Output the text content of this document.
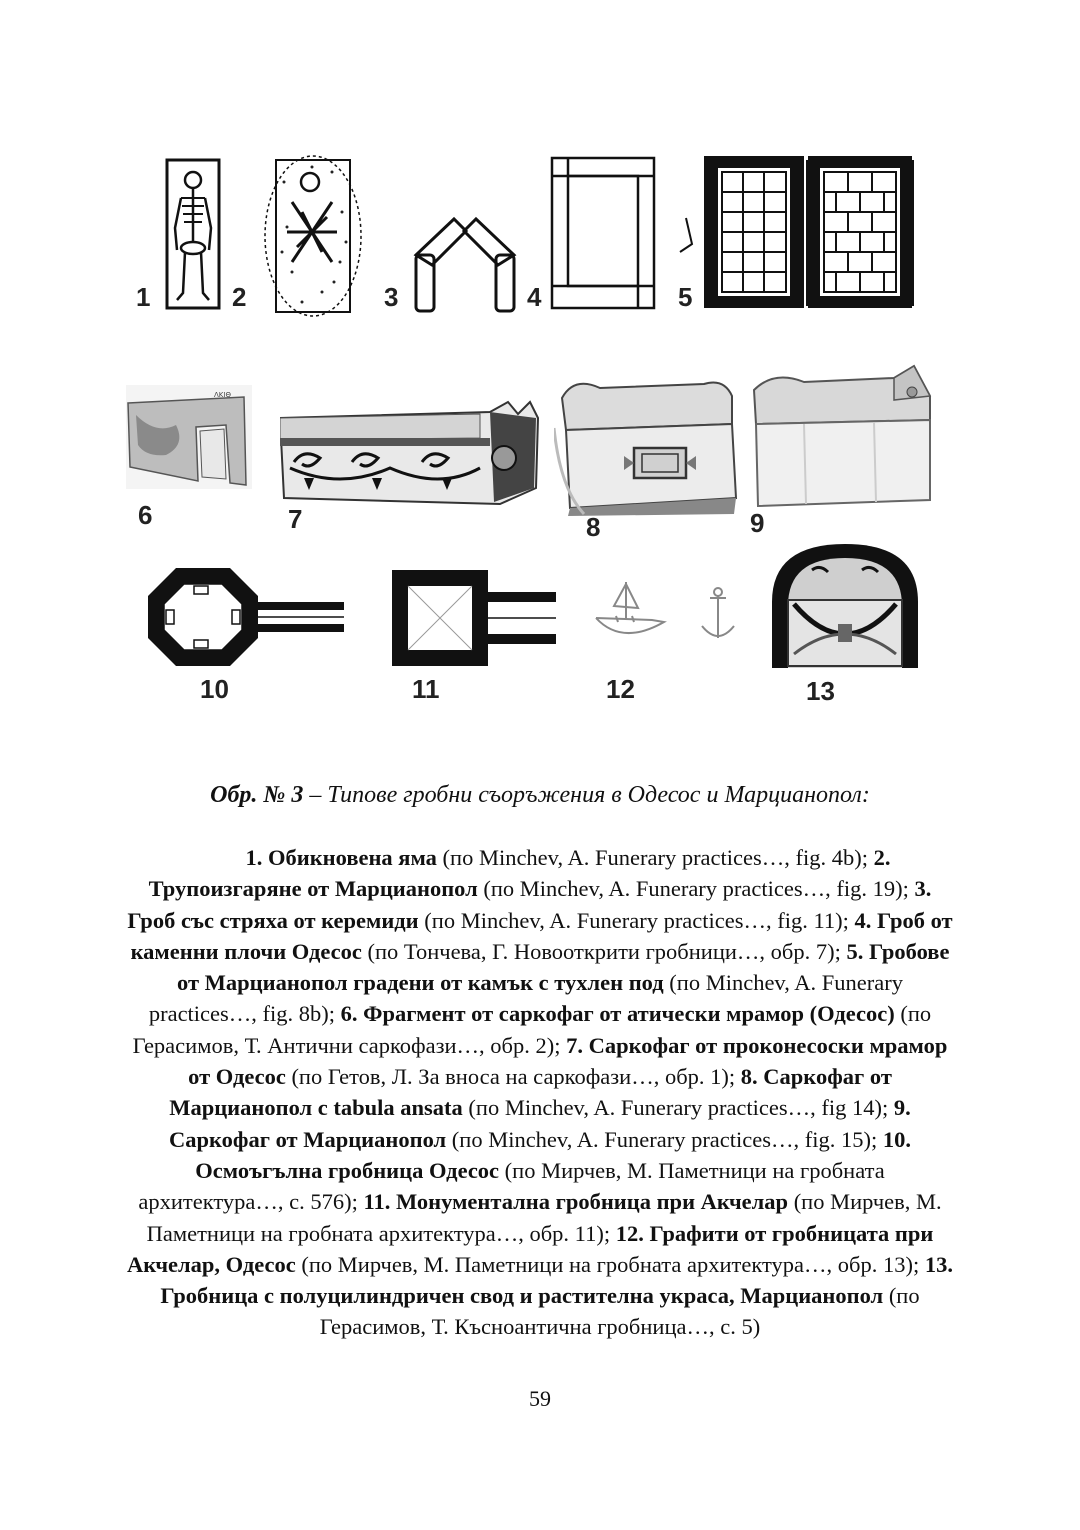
1	2	3	4	5
ΛΚΙΘ
6	7	8	9
10	11	12	13
Обр. № 3 – Типове гробни съоръжения в Одесос и Марцианопол:
1. Обикновена яма (по Minchev, A. Funerary practices…, fig. 4b); 2. Трупоизгаряне от Марцианопол (по Minchev, A. Funerary practices…, fig. 19); 3. Гроб със стряха от керемиди (по Minchev, A. Funerary practices…, fig. 11); 4. Гроб от каменни плочи Одесос (по Тончева, Г. Новооткрити гробници…, обр. 7); 5. Гробове от Марцианопол градени от камък с тухлен под (по Minchev, A. Funerary practices…, fig. 8b); 6. Фрагмент от саркофаг от атически мрамор (Одесос) (по Герасимов, Т. Антични саркофази…, обр. 2); 7. Саркофаг от проконесоски мрамор от Одесос (по Гетов, Л. За вноса на саркофази…, обр. 1); 8. Саркофаг от Марцианопол с tabula ansata (по Minchev, A. Funerary practices…, fig 14); 9. Саркофаг от Марцианопол (по Minchev, A. Funerary practices…, fig. 15); 10. Осмоъгълна гробница Одесос (по Мирчев, М. Паметници на гробната архитектура…, с. 576); 11. Монументална гробница при Акчелар (по Мирчев, М. Паметници на гробната архитектура…, обр. 11); 12. Графити от гробницата при Акчелар, Одесос (по Мирчев, М. Паметници на гробната архитектура…, обр. 13); 13. Гробница с полуцилиндричен свод и растителна украса, Марцианопол (по Герасимов, Т. Късноантична гробница…, с. 5)
59
